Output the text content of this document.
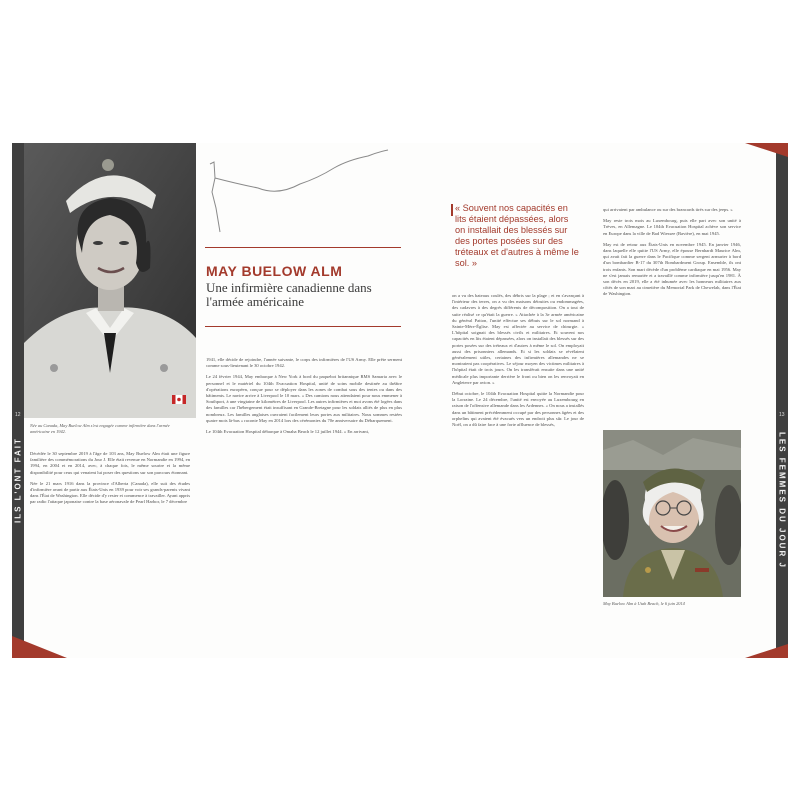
ILS L'ONT FAIT
12
LES FEMMES DU JOUR J
13
Née au Canada, May Buelow Alm s'est engagée comme infirmière dans l'armée américaine en 1942.
MAY BUELOW ALM
Une infirmière canadienne dans l'armée américaine
« Souvent nos capacités en lits étaient dépassées, alors on installait des blessés sur des portes posées sur des tréteaux et d'autres à même le sol. »

Décédée le 30 septembre 2019 à l'âge de 103 ans, May Buelow Alm était une figure familière des commémorations du Jour J. Elle était revenue en Normandie en 1994, en 1994, en 2004 et en 2014, avec, à chaque fois, le même sourire et la même disponibilité pour ceux qui venaient lui poser des questions sur son parcours étonnant.

Née le 21 mars 1916 dans la province d'Alberta (Canada), elle suit des études d'infirmière avant de partir aux États-Unis en 1939 pour voir ses grands-parents vivant dans l'État de Washington. Elle décide d'y rester et commence à travailler. Ayant appris par radio l'attaque japonaise contre la base aéronavale de Pearl Harbor, le 7 décembre

1941, elle décide de rejoindre, l'année suivante, le corps des infirmières de l'US Army. Elle prête serment comme sous-lieutenant le 30 octobre 1942.

Le 24 février 1944, May embarque à New York à bord du paquebot britannique RMS Samaria avec le personnel et le matériel du 104th Evacuation Hospital, unité de soins mobile destinée au théâtre d'opérations européen, conçue pour se déployer dans les zones de combat sous des tentes ou dans des bâtiments. Le navire arrive à Liverpool le 10 mars. « Des camions nous attendaient pour nous emmener à Southport, à une vingtaine de kilomètres de Liverpool. Les autres infirmières et moi avons été logées dans des familles car l'hébergement était insuffisant en Grande-Bretagne pour les soldats alliés de plus en plus nombreux. Les familles anglaises ouvraient facilement leurs portes aux militaires. Nous sommes restées quatre mois là-bas » raconte May en 2014 lors des cérémonies du 70e anniversaire du Débarquement.

Le 104th Evacuation Hospital débarque à Omaha Beach le 12 juillet 1944. « En arrivant,

on a vu des bateaux coulés, des débris sur la plage ; et en s'avançant à l'intérieur des terres, on a vu des maisons détruites ou endommagées, des cadavres à des degrés différents de décomposition. On a tout de suite réalisé ce qu'était la guerre. » Attachée à la 3e armée américaine du général Patton, l'unité effectue ses débuts sur le sol normand à Sainte-Mère-Église. May est affectée au service de chirurgie. « L'hôpital soignait des blessés civils et militaires. Et souvent nos capacités en lits étaient dépassées, alors on installait des blessés sur des portes posées sur des tréteaux et d'autres à même le sol. On employait aussi des prisonniers allemands. Et si les soldats se révélaient généralement utiles, certaines des infirmières allemandes ne se montraient pas coopératives. Le séjour moyen des victimes militaires à l'hôpital était de trois jours. On les transférait ensuite dans une unité médicale plus importante derrière le front ou bien on les renvoyait en Angleterre par avion. »

Début octobre, le 104th Evacuation Hospital quitte la Normandie pour la Lorraine. Le 24 décembre, l'unité est envoyée au Luxembourg en raison de l'offensive allemande dans les Ardennes. « On nous a installés dans un bâtiment précédemment occupé par des personnes âgées et des orphelins qui avaient été évacués vers un endroit plus sûr. Le jour de Noël, on a dû faire face à une forte affluence de blessés,

qui arrivaient par ambulance ou sur des brancards tirés sur des jeeps. »

May reste trois mois au Luxembourg, puis elle part avec son unité à Trèves, en Allemagne. Le 104th Evacuation Hospital achève son service en Europe dans la ville de Bad Wiessee (Bavière), en mai 1945.

May est de retour aux États-Unis en novembre 1945. En janvier 1946, dans laquelle elle quitte l'US Army, elle épouse Bernhardt Maurice Alm, qui avait fait la guerre dans le Pacifique comme sergent armurier à bord d'un bombardier B-17 du 307th Bombardment Group. Ensemble, ils ont trois enfants. Son mari décède d'un problème cardiaque en mai 1956. May ne s'est jamais remariée et a travaillé comme infirmière jusqu'en 1981. À son décès en 2019, elle a été inhumée avec les honneurs militaires aux côtés de son mari au cimetière du Memorial Park de Chewelah, dans l'État de Washington.

May Buelow Alm à Utah Beach, le 6 juin 2014
